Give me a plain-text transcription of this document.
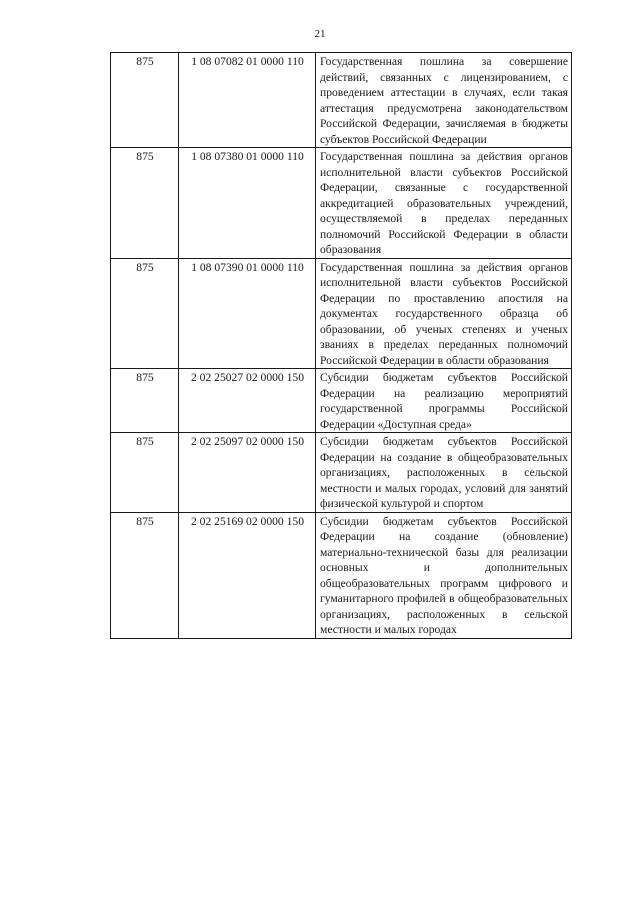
21
875	1 08 07082 01 0000 110	Государственная пошлина за совершение действий, связанных с лицензированием, с проведением аттестации в случаях, если такая аттестация предусмотрена законодательством Российской Федерации, зачисляемая в бюджеты субъектов Российской Федерации
875	1 08 07380 01 0000 110	Государственная пошлина за действия органов исполнительной власти субъектов Российской Федерации, связанные с государственной аккредитацией образовательных учреждений, осуществляемой в пределах переданных полномочий Российской Федерации в области образования
875	1 08 07390 01 0000 110	Государственная пошлина за действия органов исполнительной власти субъектов Российской Федерации по проставлению апостиля на документах государственного образца об образовании, об ученых степенях и ученых званиях в пределах переданных полномочий Российской Федерации в области образования
875	2 02 25027 02 0000 150	Субсидии бюджетам субъектов Российской Федерации на реализацию мероприятий государственной программы Российской Федерации «Доступная среда»
875	2 02 25097 02 0000 150	Субсидии бюджетам субъектов Российской Федерации на создание в общеобразовательных организациях, расположенных в сельской местности и малых городах, условий для занятий физической культурой и спортом
875	2 02 25169 02 0000 150	Субсидии бюджетам субъектов Российской Федерации на создание (обновление) материально-технической базы для реализации основных и дополнительных общеобразовательных программ цифрового и гуманитарного профилей в общеобразовательных организациях, расположенных в сельской местности и малых городах
